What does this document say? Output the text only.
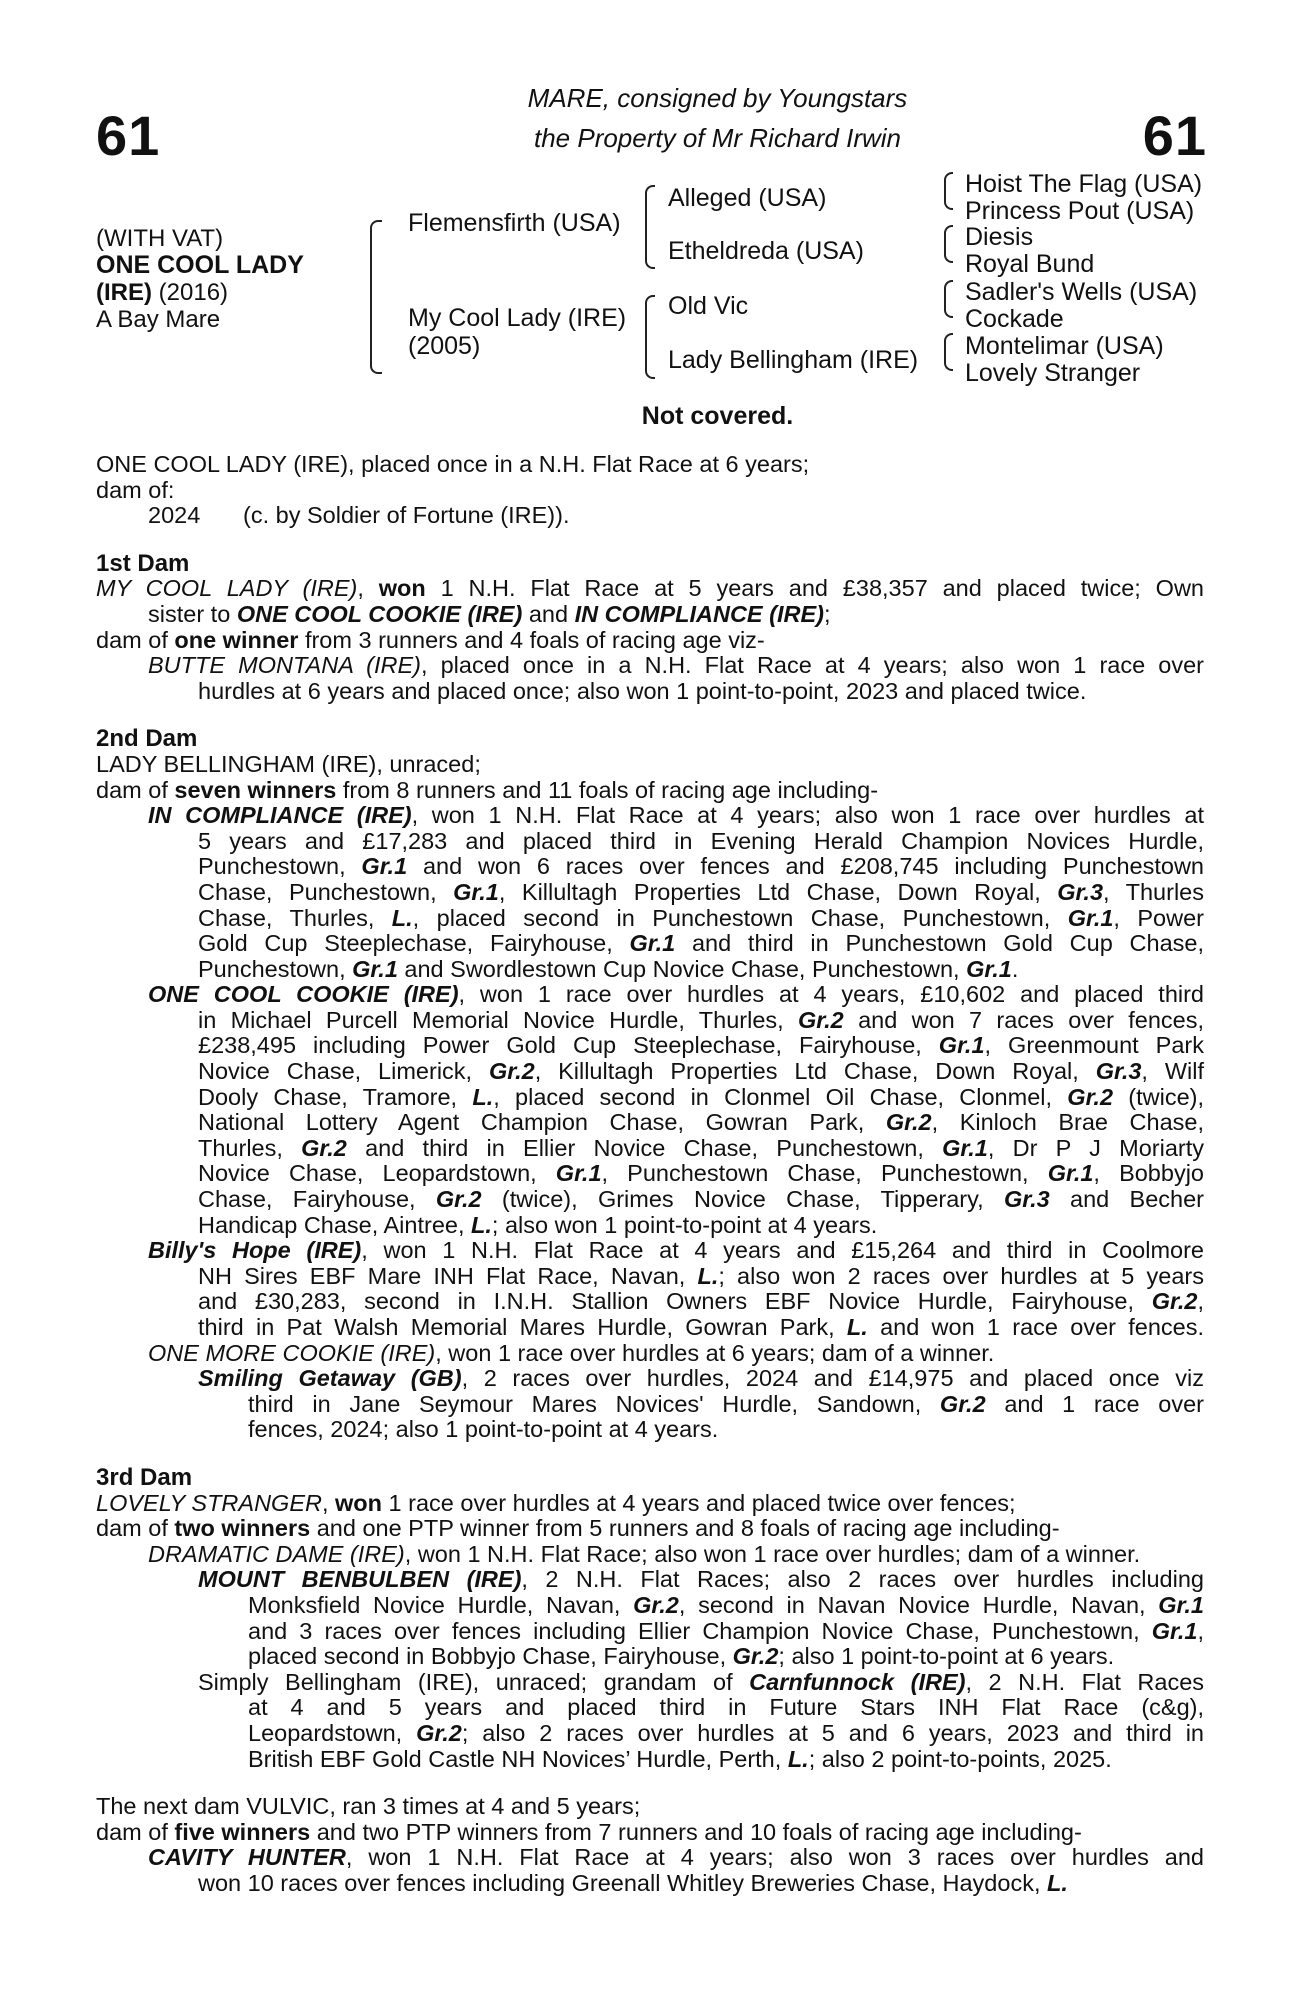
61	61
MARE, consigned by Youngstars
the Property of Mr Richard Irwin
(WITH VAT)
ONE COOL LADY
(IRE) (2016)
A Bay Mare
Flemensfirth (USA)
My Cool Lady (IRE)
(2005)
Alleged (USA)
Etheldreda (USA)
Old Vic
Lady Bellingham (IRE)
Hoist The Flag (USA)
Princess Pout (USA)
Diesis
Royal Bund
Sadler's Wells (USA)
Cockade
Montelimar (USA)
Lovely Stranger
Not covered.
ONE COOL LADY (IRE), placed once in a N.H. Flat Race at 6 years;
dam of:
2024 (c. by Soldier of Fortune (IRE)).
1st Dam
MY COOL LADY (IRE), won 1 N.H. Flat Race at 5 years and £38,357 and placed twice; Own
sister to ONE COOL COOKIE (IRE) and IN COMPLIANCE (IRE);
dam of one winner from 3 runners and 4 foals of racing age viz-
BUTTE MONTANA (IRE), placed once in a N.H. Flat Race at 4 years; also won 1 race over
hurdles at 6 years and placed once; also won 1 point-to-point, 2023 and placed twice.
2nd Dam
LADY BELLINGHAM (IRE), unraced;
dam of seven winners from 8 runners and 11 foals of racing age including-
IN COMPLIANCE (IRE), won 1 N.H. Flat Race at 4 years; also won 1 race over hurdles at
5 years and £17,283 and placed third in Evening Herald Champion Novices Hurdle,
Punchestown, Gr.1 and won 6 races over fences and £208,745 including Punchestown
Chase, Punchestown, Gr.1, Killultagh Properties Ltd Chase, Down Royal, Gr.3, Thurles
Chase, Thurles, L., placed second in Punchestown Chase, Punchestown, Gr.1, Power
Gold Cup Steeplechase, Fairyhouse, Gr.1 and third in Punchestown Gold Cup Chase,
Punchestown, Gr.1 and Swordlestown Cup Novice Chase, Punchestown, Gr.1.
ONE COOL COOKIE (IRE), won 1 race over hurdles at 4 years, £10,602 and placed third
in Michael Purcell Memorial Novice Hurdle, Thurles, Gr.2 and won 7 races over fences,
£238,495 including Power Gold Cup Steeplechase, Fairyhouse, Gr.1, Greenmount Park
Novice Chase, Limerick, Gr.2, Killultagh Properties Ltd Chase, Down Royal, Gr.3, Wilf
Dooly Chase, Tramore, L., placed second in Clonmel Oil Chase, Clonmel, Gr.2 (twice),
National Lottery Agent Champion Chase, Gowran Park, Gr.2, Kinloch Brae Chase,
Thurles, Gr.2 and third in Ellier Novice Chase, Punchestown, Gr.1, Dr P J Moriarty
Novice Chase, Leopardstown, Gr.1, Punchestown Chase, Punchestown, Gr.1, Bobbyjo
Chase, Fairyhouse, Gr.2 (twice), Grimes Novice Chase, Tipperary, Gr.3 and Becher
Handicap Chase, Aintree, L.; also won 1 point-to-point at 4 years.
Billy's Hope (IRE), won 1 N.H. Flat Race at 4 years and £15,264 and third in Coolmore
NH Sires EBF Mare INH Flat Race, Navan, L.; also won 2 races over hurdles at 5 years
and £30,283, second in I.N.H. Stallion Owners EBF Novice Hurdle, Fairyhouse, Gr.2,
third in Pat Walsh Memorial Mares Hurdle, Gowran Park, L. and won 1 race over fences.
ONE MORE COOKIE (IRE), won 1 race over hurdles at 6 years; dam of a winner.
Smiling Getaway (GB), 2 races over hurdles, 2024 and £14,975 and placed once viz
third in Jane Seymour Mares Novices' Hurdle, Sandown, Gr.2 and 1 race over
fences, 2024; also 1 point-to-point at 4 years.
3rd Dam
LOVELY STRANGER, won 1 race over hurdles at 4 years and placed twice over fences;
dam of two winners and one PTP winner from 5 runners and 8 foals of racing age including-
DRAMATIC DAME (IRE), won 1 N.H. Flat Race; also won 1 race over hurdles; dam of a winner.
MOUNT BENBULBEN (IRE), 2 N.H. Flat Races; also 2 races over hurdles including
Monksfield Novice Hurdle, Navan, Gr.2, second in Navan Novice Hurdle, Navan, Gr.1
and 3 races over fences including Ellier Champion Novice Chase, Punchestown, Gr.1,
placed second in Bobbyjo Chase, Fairyhouse, Gr.2; also 1 point-to-point at 6 years.
Simply Bellingham (IRE), unraced; grandam of Carnfunnock (IRE), 2 N.H. Flat Races
at 4 and 5 years and placed third in Future Stars INH Flat Race (c&g),
Leopardstown, Gr.2; also 2 races over hurdles at 5 and 6 years, 2023 and third in
British EBF Gold Castle NH Novices’ Hurdle, Perth, L.; also 2 point-to-points, 2025.
The next dam VULVIC, ran 3 times at 4 and 5 years;
dam of five winners and two PTP winners from 7 runners and 10 foals of racing age including-
CAVITY HUNTER, won 1 N.H. Flat Race at 4 years; also won 3 races over hurdles and
won 10 races over fences including Greenall Whitley Breweries Chase, Haydock, L.
